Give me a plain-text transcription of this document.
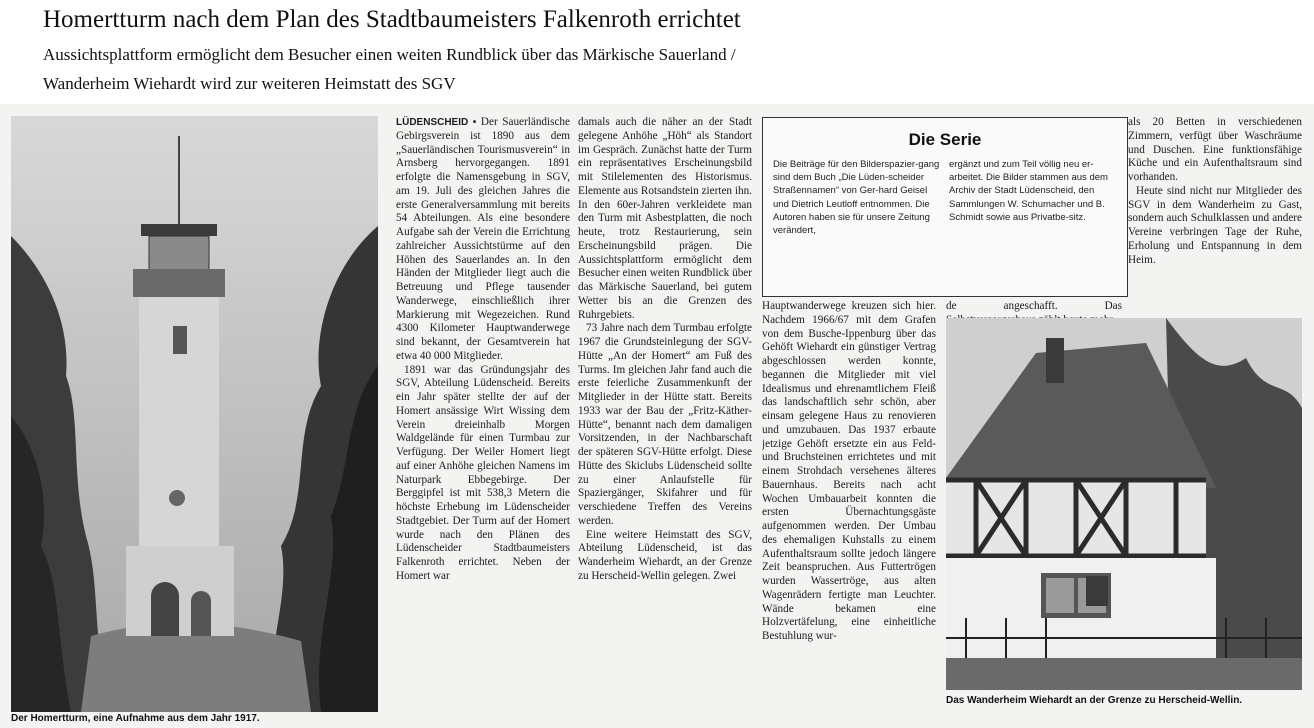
Homertturm nach dem Plan des Stadtbaumeisters Falkenroth errichtet
Aussichtsplattform ermöglicht dem Besucher einen weiten Rundblick über das Märkische Sauerland /
Wanderheim Wiehardt wird zur weiteren Heimstatt des SGV
Der Homertturm, eine Aufnahme aus dem Jahr 1917.

LÜDENSCHEID • Der Sauerländische Gebirgsverein ist 1890 aus dem „Sauerländischen Tourismusverein“ in Arnsberg hervorgegangen. 1891 erfolgte die Namensgebung in SGV, am 19. Juli des gleichen Jahres die erste Generalversammlung mit bereits 54 Abteilungen. Als eine besondere Aufgabe sah der Verein die Errichtung zahlreicher Aussichtstürme auf den Höhen des Sauerlandes an. In den Händen der Mitglieder liegt auch die Betreuung und Pflege tausender Wanderwege, einschließlich ihrer Markierung mit Wegezeichen. Rund 4300 Kilometer Hauptwanderwege sind bekannt, der Gesamtverein hat etwa 40 000 Mitglieder.

1891 war das Gründungsjahr des SGV, Abteilung Lüdenscheid. Bereits ein Jahr später stellte der auf der Homert ansässige Wirt Wissing dem Verein dreieinhalb Morgen Waldgelände für einen Turmbau zur Verfügung. Der Weiler Homert liegt auf einer Anhöhe gleichen Namens im Naturpark Ebbegebirge. Der Berggipfel ist mit 538,3 Metern die höchste Erhebung im Lüdenscheider Stadtgebiet. Der Turm auf der Homert wurde nach den Plänen des Lüdenscheider Stadtbaumeisters Falkenroth errichtet. Neben der Homert war

damals auch die näher an der Stadt gelegene Anhöhe „Höh“ als Standort im Gespräch. Zunächst hatte der Turm ein repräsentatives Erscheinungsbild mit Stilelementen des Historismus. Elemente aus Rotsandstein zierten ihn. In den 60er-Jahren verkleidete man den Turm mit Asbestplatten, die noch heute, trotz Restaurierung, sein Erscheinungsbild prägen. Die Aussichtsplattform ermöglicht dem Besucher einen weiten Rundblick über das Märkische Sauerland, bei gutem Wetter bis an die Grenzen des Ruhrgebiets.

73 Jahre nach dem Turmbau erfolgte 1967 die Grundsteinlegung der SGV-Hütte „An der Homert“ am Fuß des Turms. Im gleichen Jahr fand auch die erste feierliche Zusammenkunft der Mitglieder in der Hütte statt. Bereits 1933 war der Bau der „Fritz-Käther-Hütte“, benannt nach dem damaligen Vorsitzenden, in der Nachbarschaft der späteren SGV-Hütte erfolgt. Diese Hütte des Skiclubs Lüdenscheid sollte zu einer Anlaufstelle für Spaziergänger, Skifahrer und für verschiedene Treffen des Vereins werden.

Eine weitere Heimstatt des SGV, Abteilung Lüdenscheid, ist das Wanderheim Wiehardt, an der Grenze zu Herscheid-Wellin gelegen. Zwei

Die Serie
Die Beiträge für den Bilderspazier-gang sind dem Buch „Die Lüden-scheider Straßennamen“ von Ger-hard Geisel und Dietrich Leutloff entnommen. Die Autoren haben sie für unsere Zeitung verändert,
ergänzt und zum Teil völlig neu er-arbeitet. Die Bilder stammen aus dem Archiv der Stadt Lüdenscheid, den Sammlungen W. Schumacher und B. Schmidt sowie aus Privatbe-sitz.

Hauptwanderwege kreuzen sich hier. Nachdem 1966/67 mit dem Grafen von dem Busche-Ippenburg über das Gehöft Wiehardt ein günstiger Vertrag abgeschlossen werden konnte, begannen die Mitglieder mit viel Idealismus und ehrenamtlichem Fleiß das landschaftlich sehr schön, aber einsam gelegene Haus zu renovieren und umzubauen. Das 1937 erbaute jetzige Gehöft ersetzte ein aus Feld- und Bruchsteinen errichtetes und mit einem Strohdach versehenes älteres Bauernhaus. Bereits nach acht Wochen Umbauarbeit konnten die ersten Übernachtungsgäste aufgenommen werden. Der Umbau des ehemaligen Kuhstalls zu einem Aufenthaltsraum sollte jedoch längere Zeit beanspruchen. Aus Futtertrögen wurden Wassertröge, aus alten Wagenrädern fertigte man Leuchter. Wände bekamen eine Holzvertäfelung, eine einheitliche Bestuhlung wur-

de angeschafft. Das

als 20 Betten in verschiedenen Zimmern, verfügt über Waschräume und Duschen. Eine funktionsfähige Küche und ein Aufenthaltsraum sind vorhanden.

Heute sind nicht nur Mitglieder des SGV in dem Wanderheim zu Gast, sondern auch Schulklassen und andere Vereine verbringen Tage der Ruhe, Erholung und Entspannung in dem Heim.

Das Wanderheim Wiehardt an der Grenze zu Herscheid-Wellin.
